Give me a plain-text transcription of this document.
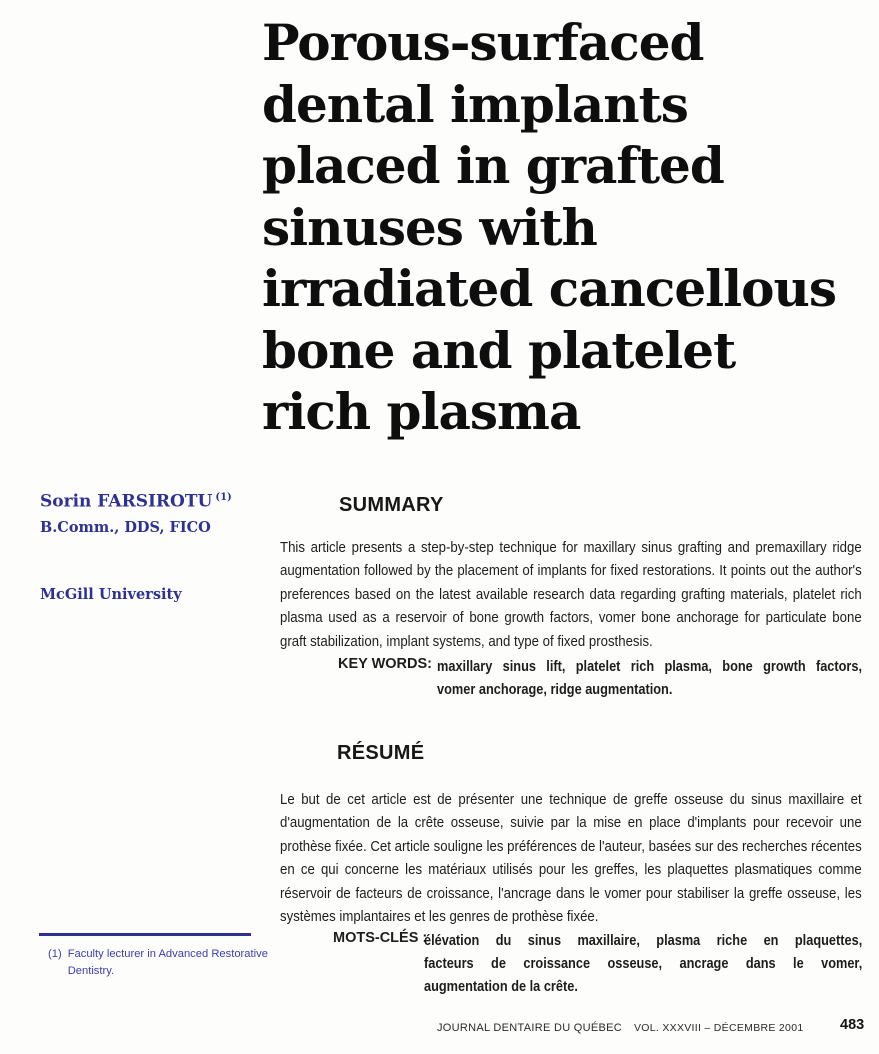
Porous-surfaced
dental implants
placed in grafted
sinuses with
irradiated cancellous
bone and platelet
rich plasma
Sorin FARSIROTU $^{(1)}$
B.Comm., DDS, FICO
McGill University
SUMMARY

This article presents a step-by-step technique for maxillary sinus grafting and premaxillary ridge augmentation followed by the placement of implants for fixed restorations. It points out the author's preferences based on the latest available research data regarding grafting materials, platelet rich plasma used as a reservoir of bone growth factors, vomer bone anchorage for particulate bone graft stabilization, implant systems, and type of fixed prosthesis.

KEY WORDS: maxillary sinus lift, platelet rich plasma, bone growth factors,
vomer anchorage, ridge augmentation.
RÉSUMÉ

Le but de cet article est de présenter une technique de greffe osseuse du sinus maxillaire et d'augmentation de la crête osseuse, suivie par la mise en place d'implants pour recevoir une prothèse fixée. Cet article souligne les préférences de l'auteur, basées sur des recherches récentes en ce qui concerne les matériaux utilisés pour les greffes, les plaquettes plasmatiques comme réservoir de facteurs de croissance, l'ancrage dans le vomer pour stabiliser la greffe osseuse, les systèmes implantaires et les genres de prothèse fixée.

MOTS-CLÉS :
élévation du sinus maxillaire, plasma riche en plaquettes,
facteurs de croissance osseuse, ancrage dans le vomer,
augmentation de la crête.
(1) Faculty lecturer in Advanced Restorative Dentistry.
JOURNAL DENTAIRE DU QUÉBEC VOL. XXXVIII – DÉCEMBRE 2001	483
